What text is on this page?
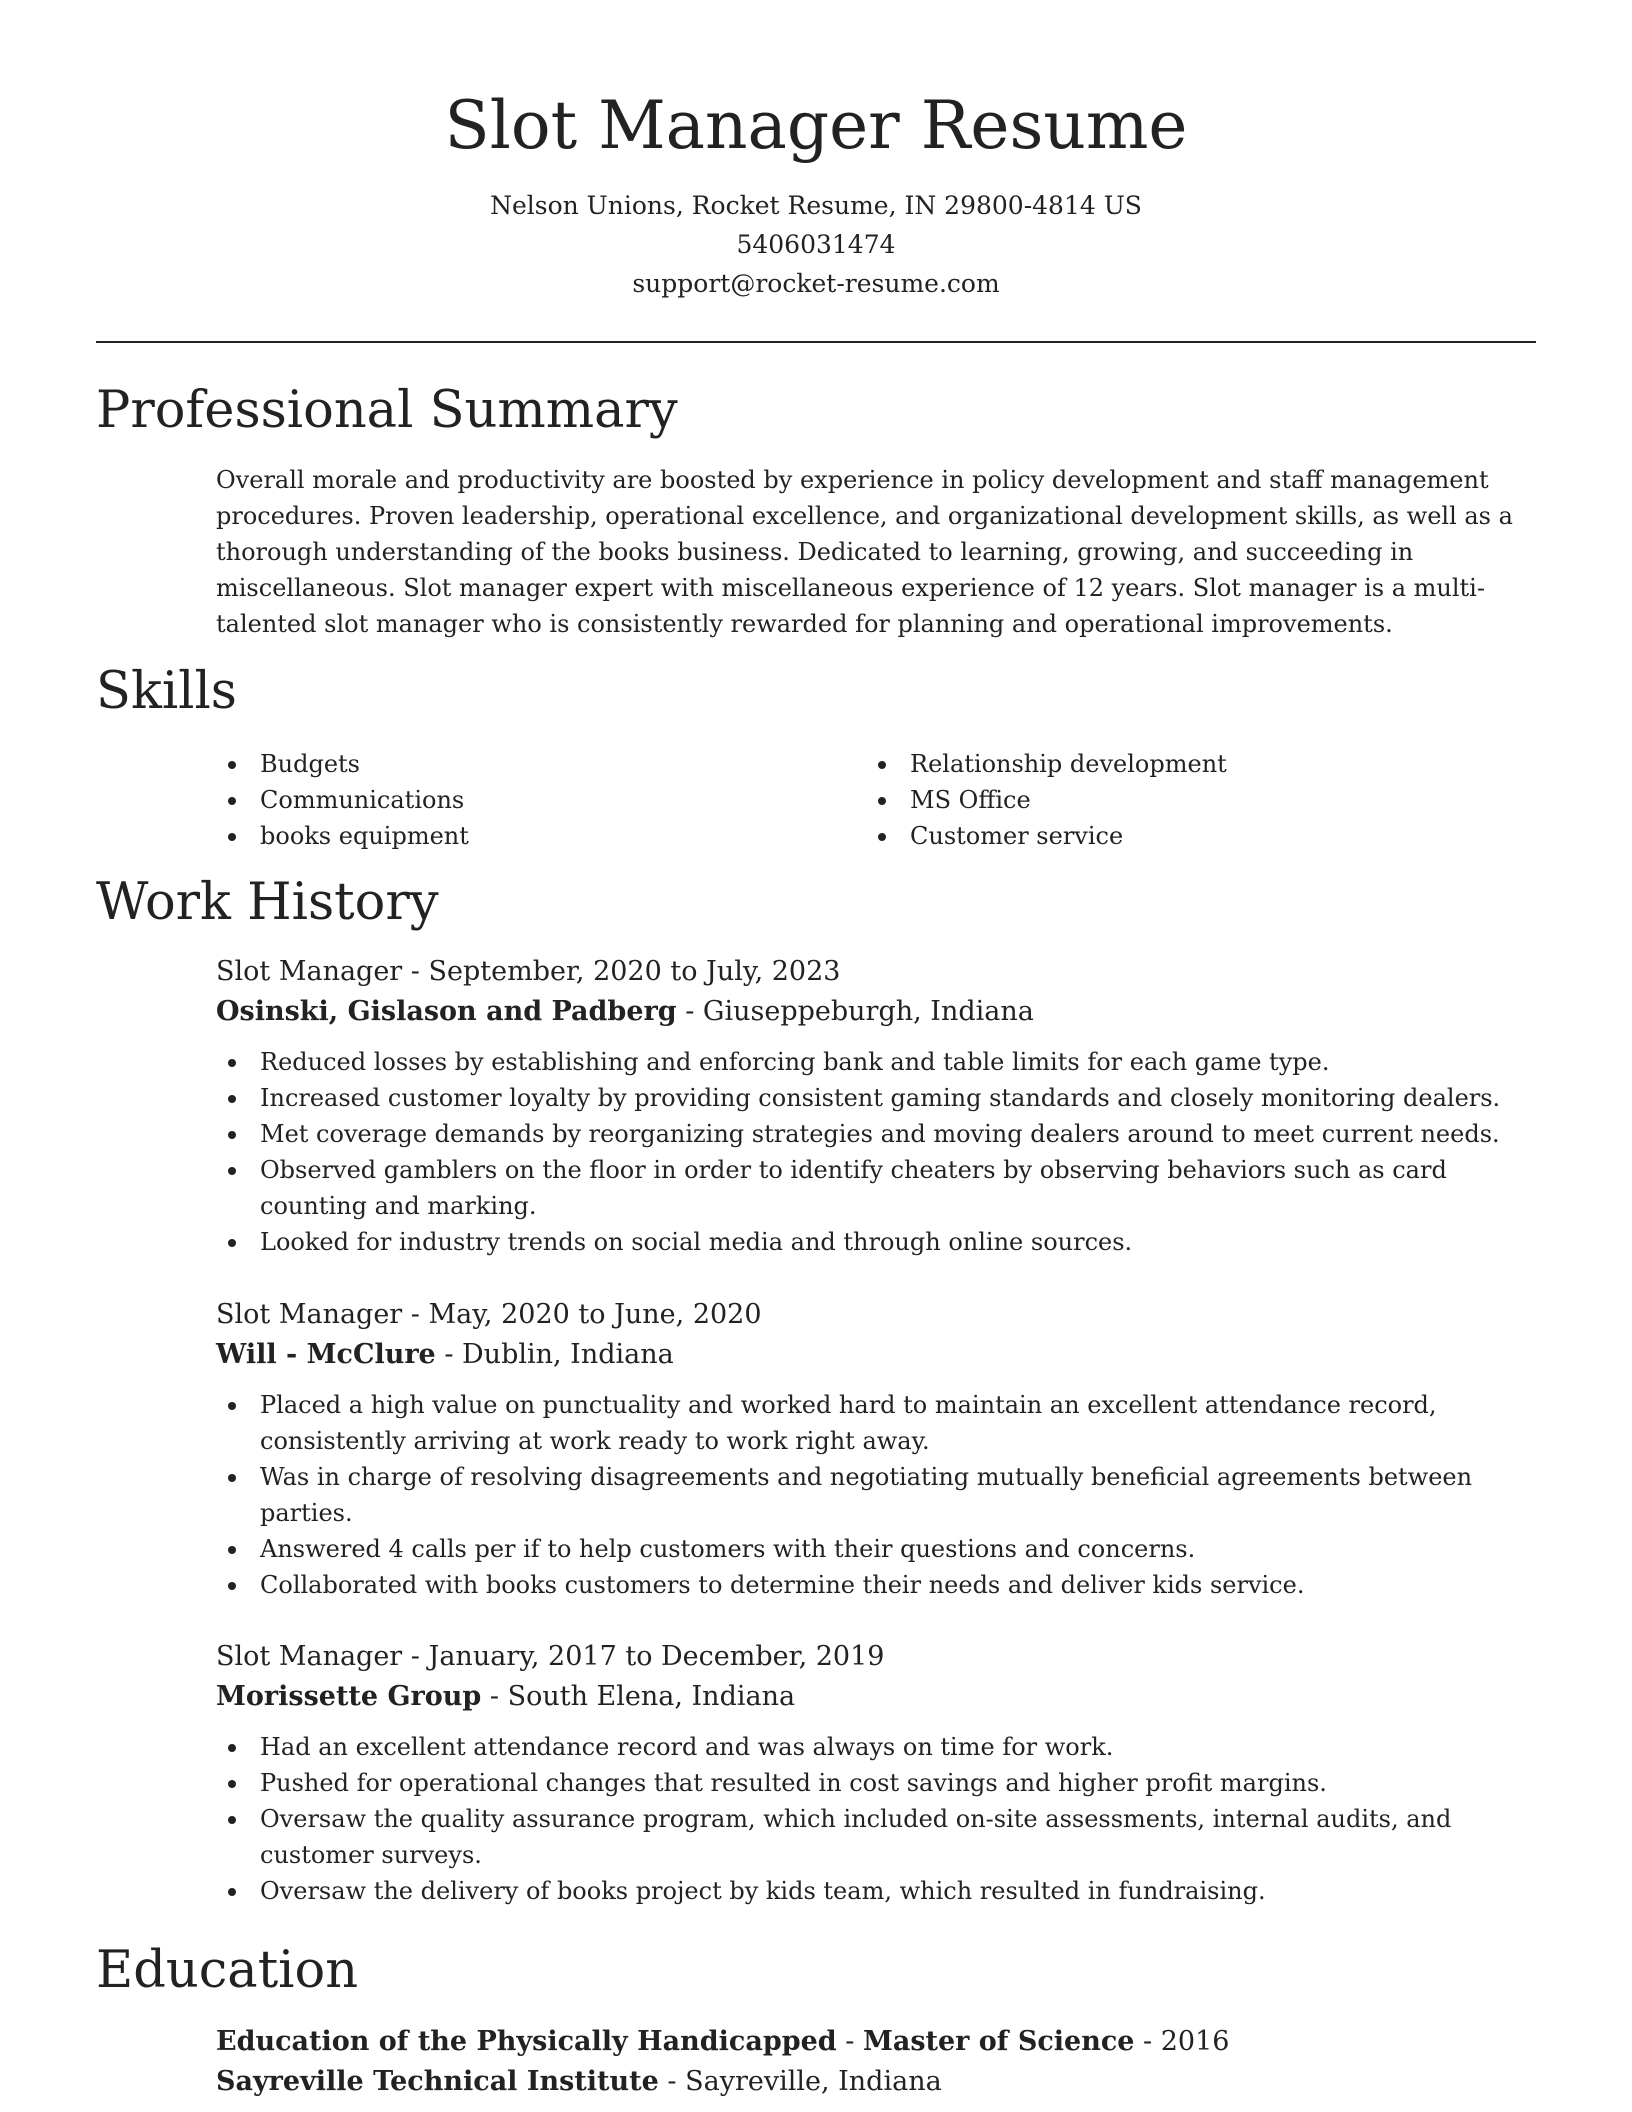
Slot Manager Resume
Nelson Unions, Rocket Resume, IN 29800-4814 US
5406031474
support@rocket-resume.com
Professional Summary
Overall morale and productivity are boosted by experience in policy development and staff management procedures. Proven leadership, operational excellence, and organizational development skills, as well as a thorough understanding of the books business. Dedicated to learning, growing, and succeeding in miscellaneous. Slot manager expert with miscellaneous experience of 12 years. Slot manager is a multi-talented slot manager who is consistently rewarded for planning and operational improvements.
Skills
Budgets
Communications
books equipment
Relationship development
MS Office
Customer service
Work History
Slot Manager - September, 2020 to July, 2023
Osinski, Gislason and Padberg - Giuseppeburgh, Indiana
Reduced losses by establishing and enforcing bank and table limits for each game type.
Increased customer loyalty by providing consistent gaming standards and closely monitoring dealers.
Met coverage demands by reorganizing strategies and moving dealers around to meet current needs.
Observed gamblers on the floor in order to identify cheaters by observing behaviors such as card counting and marking.
Looked for industry trends on social media and through online sources.
Slot Manager - May, 2020 to June, 2020
Will - McClure - Dublin, Indiana
Placed a high value on punctuality and worked hard to maintain an excellent attendance record, consistently arriving at work ready to work right away.
Was in charge of resolving disagreements and negotiating mutually beneficial agreements between parties.
Answered 4 calls per if to help customers with their questions and concerns.
Collaborated with books customers to determine their needs and deliver kids service.
Slot Manager - January, 2017 to December, 2019
Morissette Group - South Elena, Indiana
Had an excellent attendance record and was always on time for work.
Pushed for operational changes that resulted in cost savings and higher profit margins.
Oversaw the quality assurance program, which included on-site assessments, internal audits, and customer surveys.
Oversaw the delivery of books project by kids team, which resulted in fundraising.
Education
Education of the Physically Handicapped - Master of Science - 2016
Sayreville Technical Institute - Sayreville, Indiana
